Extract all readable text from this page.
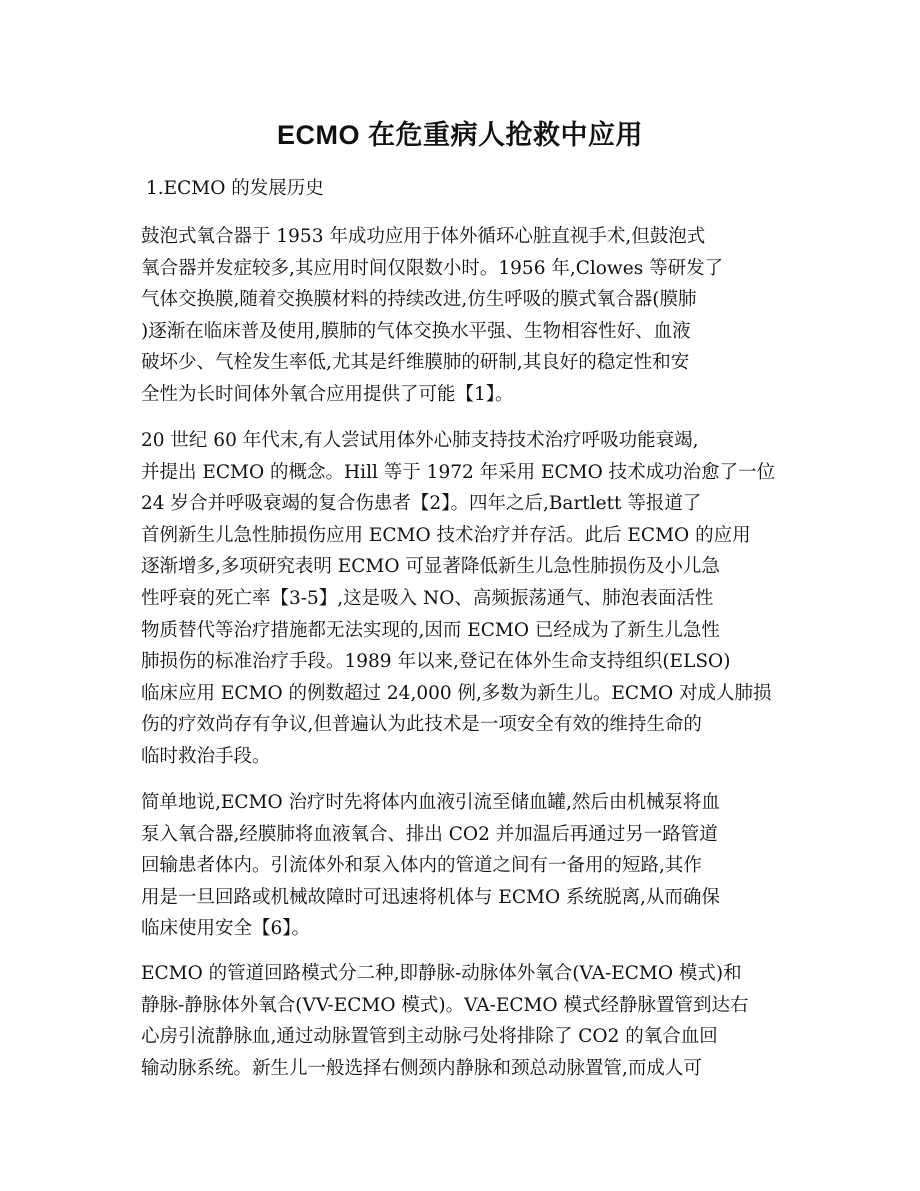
ECMO 在危重病人抢救中应用
1.ECMO 的发展历史
鼓泡式氧合器于 1953 年成功应用于体外循环心脏直视手术,但鼓泡式
氧合器并发症较多,其应用时间仅限数小时。1956 年,Clowes 等研发了
气体交换膜,随着交换膜材料的持续改进,仿生呼吸的膜式氧合器(膜肺
)逐渐在临床普及使用,膜肺的气体交换水平强、生物相容性好、血液
破坏少、气栓发生率低,尤其是纤维膜肺的研制,其良好的稳定性和安
全性为长时间体外氧合应用提供了可能【1】。
20 世纪 60 年代末,有人尝试用体外心肺支持技术治疗呼吸功能衰竭,
并提出 ECMO 的概念。Hill 等于 1972 年采用 ECMO 技术成功治愈了一位
24 岁合并呼吸衰竭的复合伤患者【2】。四年之后,Bartlett 等报道了
首例新生儿急性肺损伤应用 ECMO 技术治疗并存活。此后 ECMO 的应用
逐渐增多,多项研究表明 ECMO 可显著降低新生儿急性肺损伤及小儿急
性呼衰的死亡率【3-5】,这是吸入 NO、高频振荡通气、肺泡表面活性
物质替代等治疗措施都无法实现的,因而 ECMO 已经成为了新生儿急性
肺损伤的标准治疗手段。1989 年以来,登记在体外生命支持组织(ELSO)
临床应用 ECMO 的例数超过 24,000 例,多数为新生儿。ECMO 对成人肺损
伤的疗效尚存有争议,但普遍认为此技术是一项安全有效的维持生命的
临时救治手段。
简单地说,ECMO 治疗时先将体内血液引流至储血罐,然后由机械泵将血
泵入氧合器,经膜肺将血液氧合、排出 CO2 并加温后再通过另一路管道
回输患者体内。引流体外和泵入体内的管道之间有一备用的短路,其作
用是一旦回路或机械故障时可迅速将机体与 ECMO 系统脱离,从而确保
临床使用安全【6】。
ECMO 的管道回路模式分二种,即静脉-动脉体外氧合(VA-ECMO 模式)和
静脉-静脉体外氧合(VV-ECMO 模式)。VA-ECMO 模式经静脉置管到达右
心房引流静脉血,通过动脉置管到主动脉弓处将排除了 CO2 的氧合血回
输动脉系统。新生儿一般选择右侧颈内静脉和颈总动脉置管,而成人可
